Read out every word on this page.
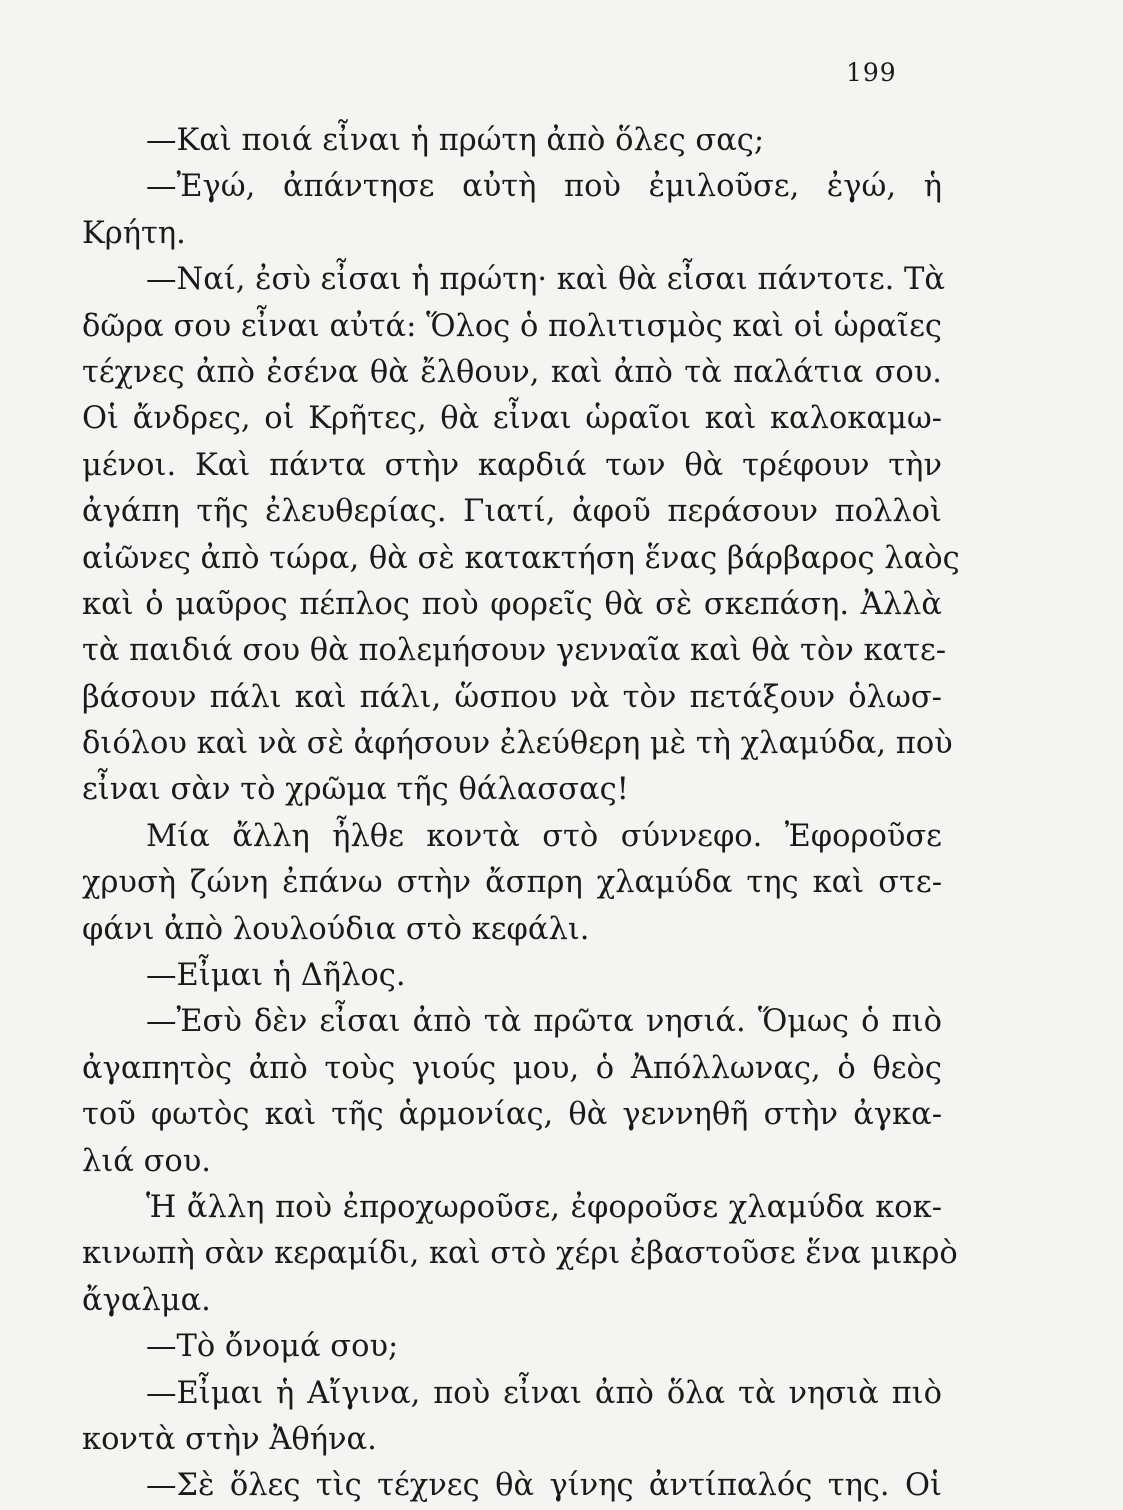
199
—Καὶ ποιά εἶναι ἡ πρώτη ἀπὸ ὅλες σας;
—Ἐγώ, ἀπάντησε αὐτὴ ποὺ ἐμιλοῦσε, ἐγώ, ἡ
Κρήτη.
—Ναί, ἐσὺ εἶσαι ἡ πρώτη· καὶ θὰ εἶσαι πάντοτε. Τὰ
δῶρα σου εἶναι αὐτά: Ὅλος ὁ πολιτισμὸς καὶ οἱ ὡραῖες
τέχνες ἀπὸ ἐσένα θὰ ἔλθουν, καὶ ἀπὸ τὰ παλάτια σου.
Οἱ ἄνδρες, οἱ Κρῆτες, θὰ εἶναι ὡραῖοι καὶ καλοκαμω-
μένοι. Καὶ πάντα στὴν καρδιά των θὰ τρέφουν τὴν
ἀγάπη τῆς ἐλευθερίας. Γιατί, ἀφοῦ περάσουν πολλοὶ
αἰῶνες ἀπὸ τώρα, θὰ σὲ κατακτήση ἕνας βάρβαρος λαὸς
καὶ ὁ μαῦρος πέπλος ποὺ φορεῖς θὰ σὲ σκεπάση. Ἀλλὰ
τὰ παιδιά σου θὰ πολεμήσουν γενναῖα καὶ θὰ τὸν κατε-
βάσουν πάλι καὶ πάλι, ὥσπου νὰ τὸν πετάξουν ὁλωσ-
διόλου καὶ νὰ σὲ ἀφήσουν ἐλεύθερη μὲ τὴ χλαμύδα, ποὺ
εἶναι σὰν τὸ χρῶμα τῆς θάλασσας!
Μία ἄλλη ἦλθε κοντὰ στὸ σύννεφο. Ἐφοροῦσε
χρυσὴ ζώνη ἐπάνω στὴν ἄσπρη χλαμύδα της καὶ στε-
φάνι ἀπὸ λουλούδια στὸ κεφάλι.
—Εἶμαι ἡ Δῆλος.
—Ἐσὺ δὲν εἶσαι ἀπὸ τὰ πρῶτα νησιά. Ὅμως ὁ πιὸ
ἀγαπητὸς ἀπὸ τοὺς γιούς μου, ὁ Ἀπόλλωνας, ὁ θεὸς
τοῦ φωτὸς καὶ τῆς ἁρμονίας, θὰ γεννηθῆ στὴν ἀγκα-
λιά σου.
Ἡ ἄλλη ποὺ ἐπροχωροῦσε, ἐφοροῦσε χλαμύδα κοκ-
κινωπὴ σὰν κεραμίδι, καὶ στὸ χέρι ἐβαστοῦσε ἕνα μικρὸ
ἄγαλμα.
—Τὸ ὄνομά σου;
—Εἶμαι ἡ Αἴγινα, ποὺ εἶναι ἀπὸ ὅλα τὰ νησιὰ πιὸ
κοντὰ στὴν Ἀθήνα.
—Σὲ ὅλες τὶς τέχνες θὰ γίνης ἀντίπαλός της. Οἱ
